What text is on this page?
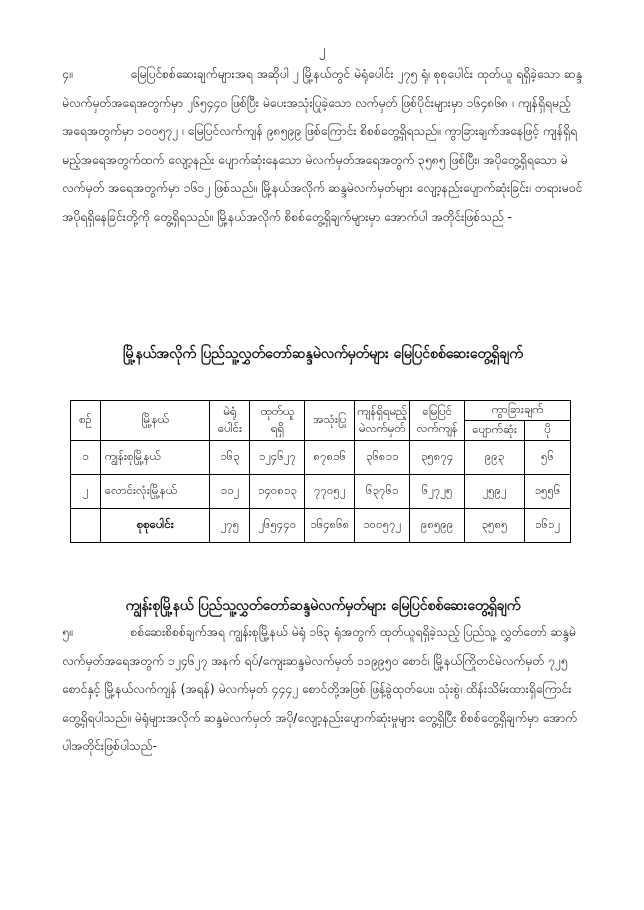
၂

၄။	မြေပြင်စစ်ဆေးချက်များအရ အဆိုပါ ၂ မြို့နယ်တွင် မဲရုံပေါင်း ၂၇၅ ရုံ၊ စုစုပေါင်း ထုတ်ယူ ရရှိခဲ့သော ဆန္ဒမဲလက်မှတ်အရေအတွက်မှာ ၂၆၅၄၄၀ ဖြစ်ပြီး မဲပေးအသုံးပြုခဲ့သော လက်မှတ် ဖြစ်ပိုင်းများမှာ ၁၆၄၈၆၈ ၊ ကျန်ရှိရမည့်အရေအတွက်မှာ ၁၀၀၅၇၂ ၊ မြေပြင်လက်ကျန် ၉၈၅၉၉ ဖြစ်ကြောင်း စိစစ်တွေ့ရှိရသည်။ ကွာခြားချက်အနေဖြင့် ကျန်ရှိရမည့်အရေအတွက်ထက် လျော့နည်း ပျောက်ဆုံးနေသော မဲလက်မှတ်အရေအတွက် ၃၅၈၅ ဖြစ်ပြီး၊ အပိုတွေ့ရှိရသော မဲလက်မှတ် အရေအတွက်မှာ ၁၆၁၂ ဖြစ်သည်။ မြို့နယ်အလိုက် ဆန္ဒမဲလက်မှတ်များ လျော့နည်းပျောက်ဆုံးခြင်း၊ တရားမဝင် အပိုရရှိနေခြင်းတို့ကို တွေ့ရှိရသည်။ မြို့နယ်အလိုက် စိစစ်တွေ့ရှိချက်များမှာ အောက်ပါ အတိုင်းဖြစ်သည် -

မြို့နယ်အလိုက် ပြည်သူ့လွှတ်တော်ဆန္ဒမဲလက်မှတ်များ မြေပြင်စစ်ဆေးတွေ့ရှိချက်
စဉ်	မြို့နယ်	မဲရုံ ပေါင်း	ထုတ်ယူ ရရှိ	အသုံးပြု	ကျန်ရှိရမည့် မဲလက်မှတ်	မြေပြင် လက်ကျန်	ကွာခြားချက်	
							ပျောက်ဆုံး	ပို
၁	ကျွန်းစုမြို့နယ်	၁၆၃	၁၂၄၆၂၇	၈၇၈၁၆	၃၆၈၁၁	၃၅၈၇၄	၉၉၃	၅၆
၂	လောင်းလုံးမြို့နယ်	၁၁၂	၁၄၀၈၁၃	၇၇၀၅၂	၆၃၇၆၁	၆၂၇၂၅	၂၅၉၂	၁၅၅၆
	စုစုပေါင်း	၂၇၅	၂၆၅၄၄၀	၁၆၄၈၆၈	၁၀၀၅၇၂	၉၈၅၉၉	၃၅၈၅	၁၆၁၂
ကျွန်းစုမြို့နယ် ပြည်သူ့လွှတ်တော်ဆန္ဒမဲလက်မှတ်များ မြေပြင်စစ်ဆေးတွေ့ရှိချက်

၅။	စစ်ဆေးစိစစ်ချက်အရ ကျွန်းစုမြို့နယ် မဲရုံ ၁၆၃ ရုံအတွက် ထုတ်ယူရရှိခဲ့သည့် ပြည်သူ့ လွှတ်တော် ဆန္ဒမဲလက်မှတ်အရေအတွက် ၁၂၄၆၂၇ အနက် ရပ်/ကျေးဆန္ဒမဲလက်မှတ် ၁၁၉၉၅၀ စောင်၊ မြို့နယ်ကြိုတင်မဲလက်မှတ် ၇၂၅ စောင်နှင့် မြို့နယ်လက်ကျန် (အရန်) မဲလက်မှတ် ၄၄၄၂ စောင်တို့အဖြစ် ဖြန့်ခွဲထုတ်ပေး၊ သုံးစွဲ၊ ထိန်းသိမ်းထားရှိကြောင်း တွေ့ရှိရပါသည်။ မဲရုံများအလိုက် ဆန္ဒမဲလက်မှတ် အပို/လျော့နည်းပျောက်ဆုံးမှုများ တွေ့ရှိပြီး စိစစ်တွေ့ရှိချက်မှာ အောက်ပါအတိုင်းဖြစ်ပါသည်-
